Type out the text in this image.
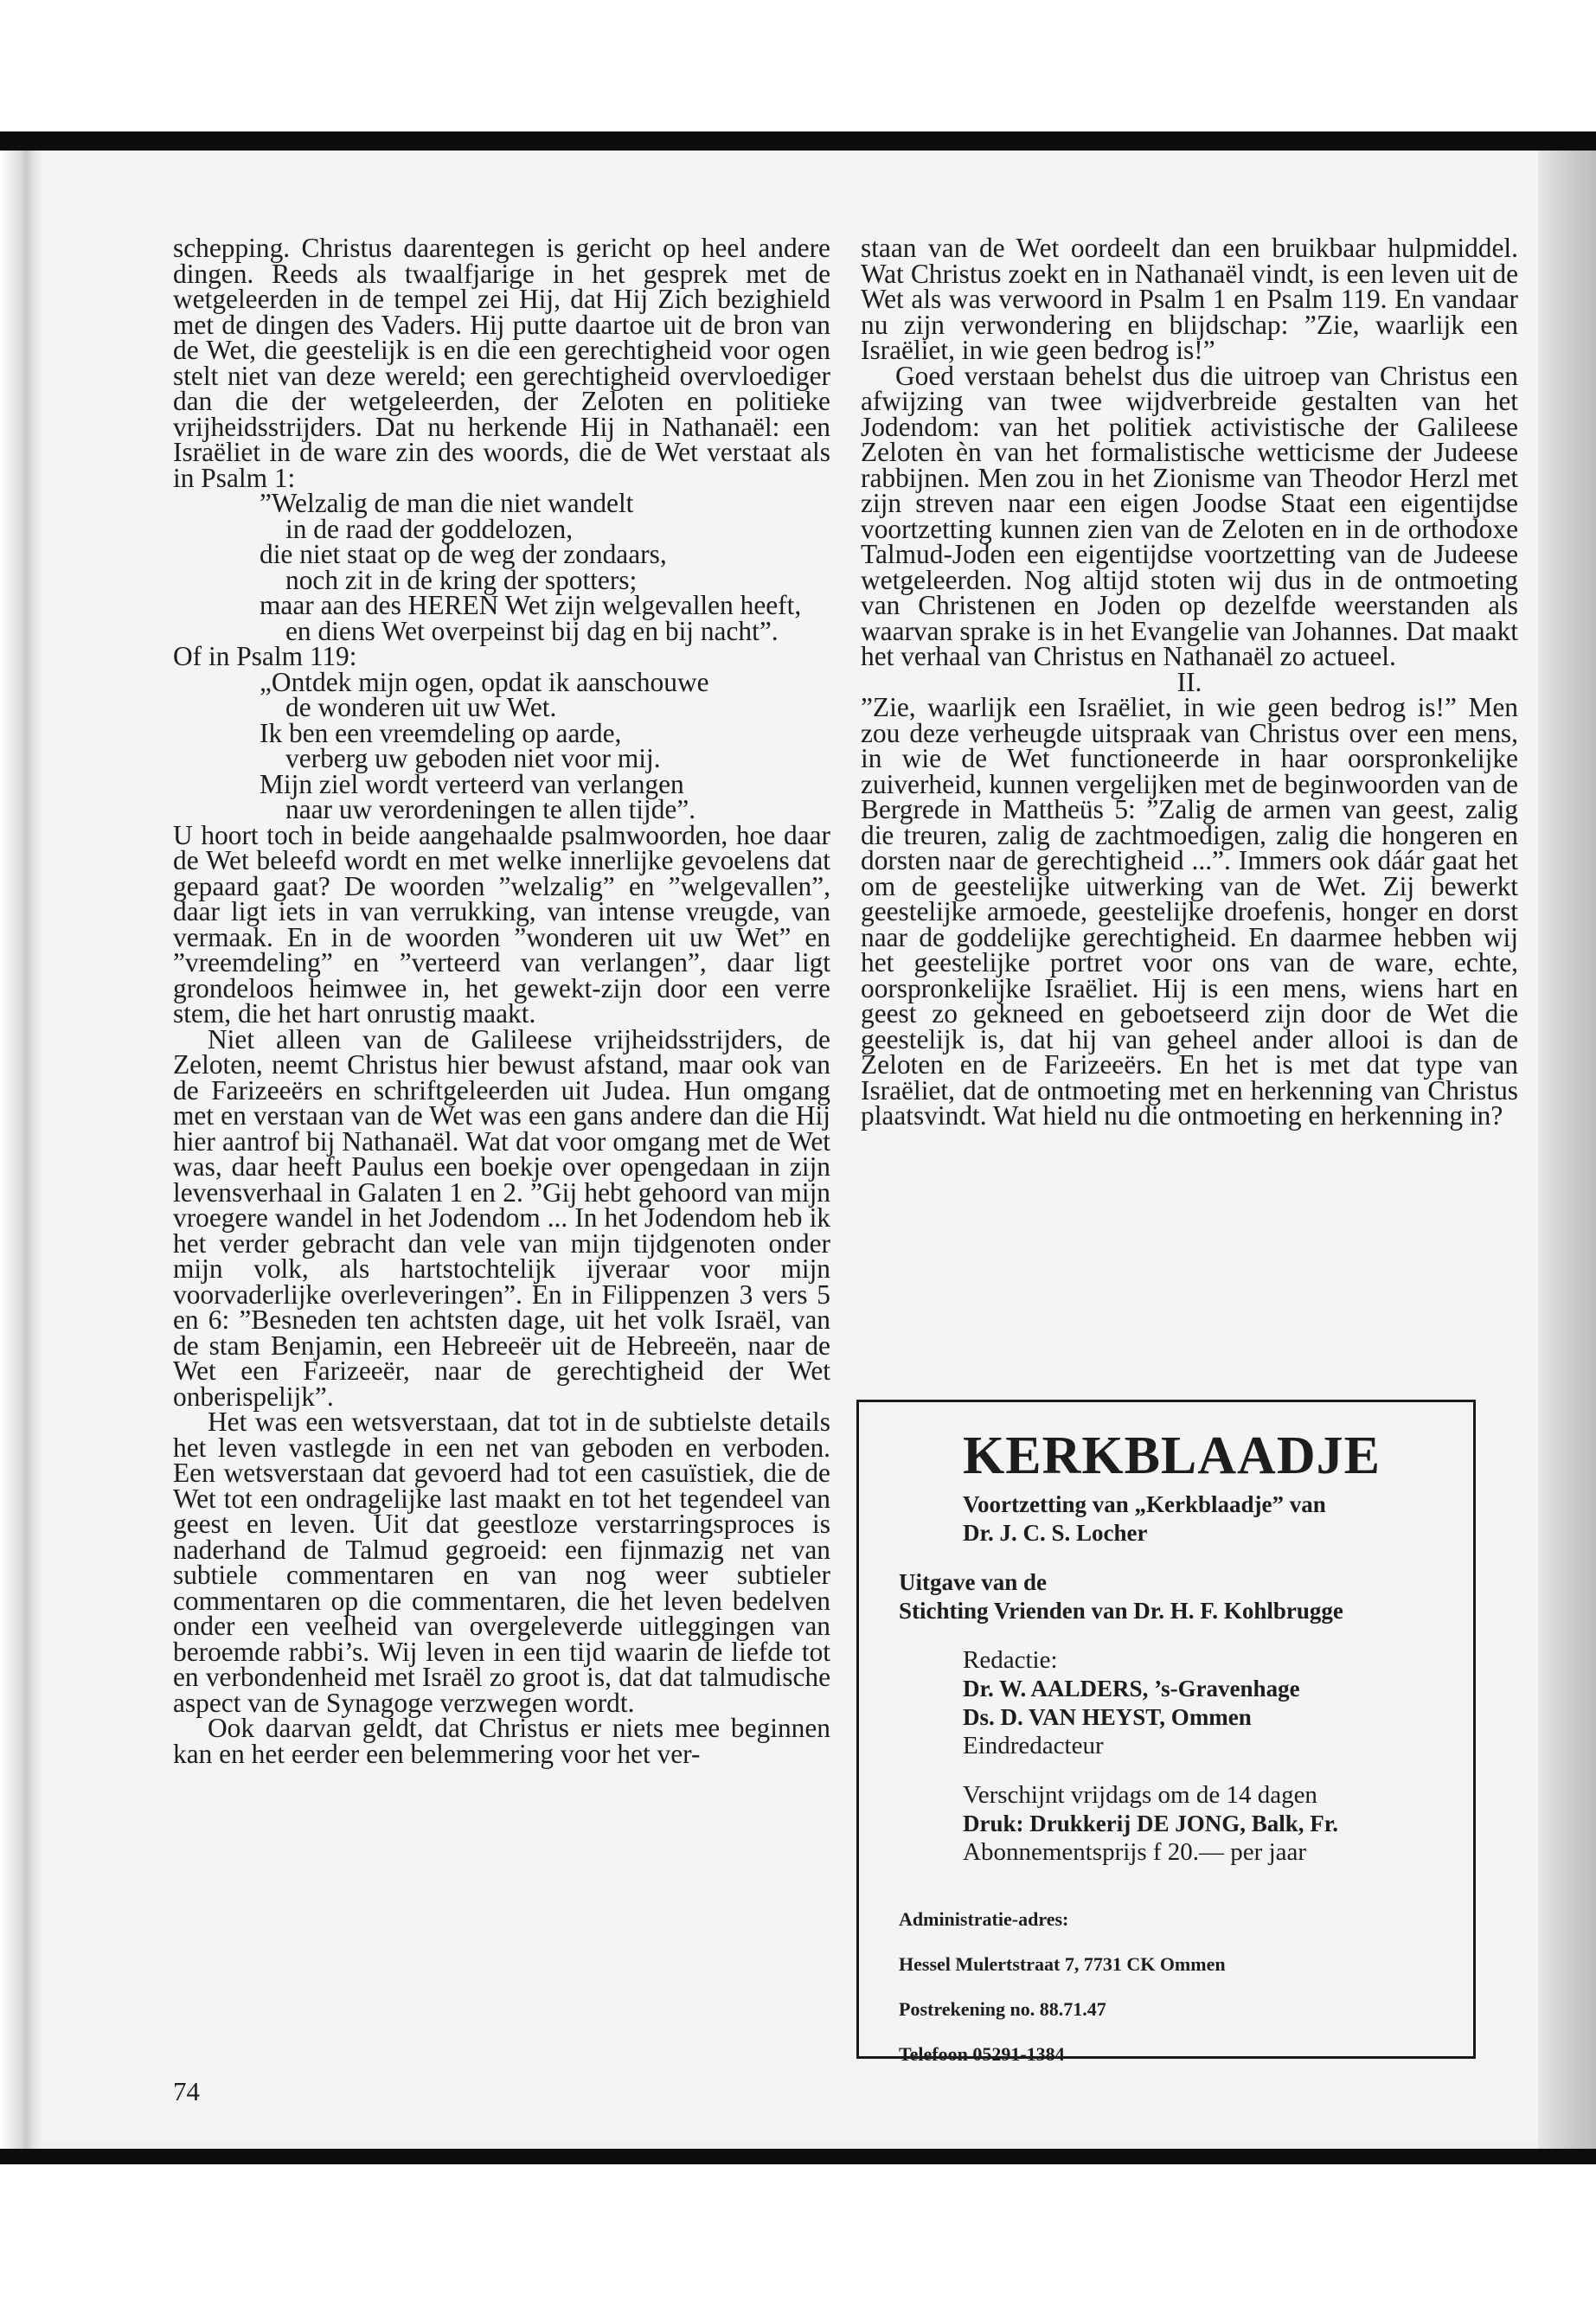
schepping. Christus daarentegen is gericht op heel andere dingen. Reeds als twaalfjarige in het gesprek met de wetgeleerden in de tempel zei Hij, dat Hij Zich bezighield met de dingen des Vaders. Hij putte daartoe uit de bron van de Wet, die geestelijk is en die een gerechtigheid voor ogen stelt niet van deze wereld; een gerechtigheid overvloediger dan die der wetgeleerden, der Zeloten en politieke vrijheidsstrijders. Dat nu herkende Hij in Nathanaël: een Israëliet in de ware zin des woords, die de Wet verstaat als in Psalm 1:

”Welzalig de man die niet wandelt
in de raad der goddelozen,
die niet staat op de weg der zondaars,
noch zit in de kring der spotters;
maar aan des HEREN Wet zijn welgevallen heeft,
en diens Wet overpeinst bij dag en bij nacht”.

Of in Psalm 119:

„Ontdek mijn ogen, opdat ik aanschouwe
de wonderen uit uw Wet.
Ik ben een vreemdeling op aarde,
verberg uw geboden niet voor mij.
Mijn ziel wordt verteerd van verlangen
naar uw verordeningen te allen tijde”.

U hoort toch in beide aangehaalde psalmwoorden, hoe daar de Wet beleefd wordt en met welke innerlijke gevoelens dat gepaard gaat? De woorden ”welzalig” en ”welgevallen”, daar ligt iets in van verrukking, van intense vreugde, van vermaak. En in de woorden ”wonderen uit uw Wet” en ”vreemdeling” en ”verteerd van verlangen”, daar ligt grondeloos heimwee in, het gewekt-zijn door een verre stem, die het hart onrustig maakt.

Niet alleen van de Galileese vrijheidsstrijders, de Zeloten, neemt Christus hier bewust afstand, maar ook van de Farizeeërs en schriftgeleerden uit Judea. Hun omgang met en verstaan van de Wet was een gans andere dan die Hij hier aantrof bij Nathanaël. Wat dat voor omgang met de Wet was, daar heeft Paulus een boekje over opengedaan in zijn levensverhaal in Galaten 1 en 2. ”Gij hebt gehoord van mijn vroegere wandel in het Jodendom ... In het Jodendom heb ik het verder gebracht dan vele van mijn tijdgenoten onder mijn volk, als hartstochtelijk ijveraar voor mijn voorvaderlijke overleveringen”. En in Filippenzen 3 vers 5 en 6: ”Besneden ten achtsten dage, uit het volk Israël, van de stam Benjamin, een Hebreeër uit de Hebreeën, naar de Wet een Farizeeër, naar de gerechtigheid der Wet onberispelijk”.

Het was een wetsverstaan, dat tot in de subtielste details het leven vastlegde in een net van geboden en verboden. Een wetsverstaan dat gevoerd had tot een casuïstiek, die de Wet tot een ondragelijke last maakt en tot het tegendeel van geest en leven. Uit dat geestloze verstarringsproces is naderhand de Talmud gegroeid: een fijnmazig net van subtiele commentaren en van nog weer subtieler commentaren op die commentaren, die het leven bedelven onder een veelheid van overgeleverde uitleggingen van beroemde rabbi’s. Wij leven in een tijd waarin de liefde tot en verbondenheid met Israël zo groot is, dat dat talmudische aspect van de Synagoge verzwegen wordt.

Ook daarvan geldt, dat Christus er niets mee beginnen kan en het eerder een belemmering voor het ver-

74

staan van de Wet oordeelt dan een bruikbaar hulpmiddel. Wat Christus zoekt en in Nathanaël vindt, is een leven uit de Wet als was verwoord in Psalm 1 en Psalm 119. En vandaar nu zijn verwondering en blijdschap: ”Zie, waarlijk een Israëliet, in wie geen bedrog is!”

Goed verstaan behelst dus die uitroep van Christus een afwijzing van twee wijdverbreide gestalten van het Jodendom: van het politiek activistische der Galileese Zeloten èn van het formalistische wetticisme der Judeese rabbijnen. Men zou in het Zionisme van Theodor Herzl met zijn streven naar een eigen Joodse Staat een eigentijdse voortzetting kunnen zien van de Zeloten en in de orthodoxe Talmud-Joden een eigentijdse voortzetting van de Judeese wetgeleerden. Nog altijd stoten wij dus in de ontmoeting van Christenen en Joden op dezelfde weerstanden als waarvan sprake is in het Evangelie van Johannes. Dat maakt het verhaal van Christus en Nathanaël zo actueel.

II.

”Zie, waarlijk een Israëliet, in wie geen bedrog is!” Men zou deze verheugde uitspraak van Christus over een mens, in wie de Wet functioneerde in haar oorspronkelijke zuiverheid, kunnen vergelijken met de beginwoorden van de Bergrede in Mattheüs 5: ”Zalig de armen van geest, zalig die treuren, zalig de zachtmoedigen, zalig die hongeren en dorsten naar de gerechtigheid ...”. Immers ook dáár gaat het om de geestelijke uitwerking van de Wet. Zij bewerkt geestelijke armoede, geestelijke droefenis, honger en dorst naar de goddelijke gerechtigheid. En daarmee hebben wij het geestelijke portret voor ons van de ware, echte, oorspronkelijke Israëliet. Hij is een mens, wiens hart en geest zo gekneed en geboetseerd zijn door de Wet die geestelijk is, dat hij van geheel ander allooi is dan de Zeloten en de Farizeeërs. En het is met dat type van Israëliet, dat de ontmoeting met en herkenning van Christus plaatsvindt. Wat hield nu die ontmoeting en herkenning in?

KERKBLAADJE

Voortzetting van „Kerkblaadje” van

Dr. J. C. S. Locher

Uitgave van de

Stichting Vrienden van Dr. H. F. Kohlbrugge

Redactie:

Dr. W. AALDERS, ’s-Gravenhage

Ds. D. VAN HEYST, Ommen

Eindredacteur

Verschijnt vrijdags om de 14 dagen

Druk: Drukkerij DE JONG, Balk, Fr.

Abonnementsprijs f 20.— per jaar

Administratie-adres:

Hessel Mulertstraat 7, 7731 CK Ommen

Postrekening no. 88.71.47

Telefoon 05291-1384
